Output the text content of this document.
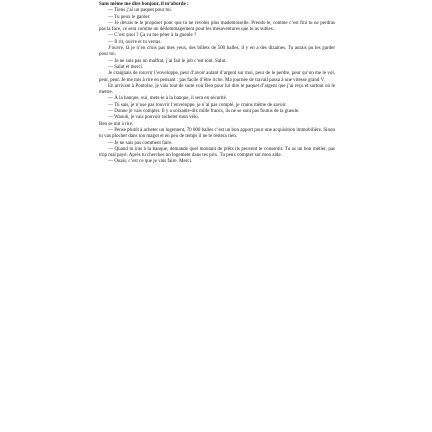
Sans même me dire bonjour, il m’aborde :

— Tiens j’ai un paquet pour toi.

— Tu peux le garder.

— Je devais te le proposer pour que tu ne revoies plus mademoiselle. Prends-le, comme c’est fini tu ne perdras pas la face, ce sera comme un dédommagement pour les mésaventures que tu as subies.

— C’est quoi ? Ça va me péter à la gueule ?

— Il rit, ouvre et tu verras.

J’ouvre, là je n’en crois pas mes yeux, des billets de 500 balles, il y en a des dizaines. Tu aurais pu les garder pour toi.

— Je ne suis pas un malfrat, j’ai fait le job c’est tout. Salut.

— Salut et merci.

Je craignais de rouvrir l’enveloppe, peur d’avoir autant d’argent sur moi, peur de le perdre, peur qu’on me le vol, peur, peur. Je me mis à rire en pensant : pas facile d’être riche. Ma journée de travail passa à une vitesse grand V.

En arrivant à Pontoise, je vais tout de suite voir Ben pour lui dire le paquet d’argent que j’ai reçu et surtout où le mettre.

— À la banque, oui, mets-le à la banque, il sera en sécurité.

— Tu sais, je n’ose pas rouvrir l’enveloppe, je n’ai pas compté, je crains même de savoir.

— Donne je vais compter. Il y a soixante-dix mille francs, ils ne se sont pas foutus de ta gueule.

— Waouh, je vais pouvoir racheter mon vélo.

Ben se mit à rire.

— Pense plutôt à acheter un logement, 70 000 balles c’est un bon apport pour une acquisition immobilière. Sinon tu vas plocher dans ton magot et en peu de temps il ne te restera rien.

— Je ne sais pas comment faire.

— Quand tu iras à la banque, demande quel montant de prêts ils peuvent te consentir. Tu as un bon métier, pas trop mal payé. Après tu cherches un logement dans tes prix. Tu peux compter sur mon aide.

— Ouais, c’est ce que je vais faire. Merci.
